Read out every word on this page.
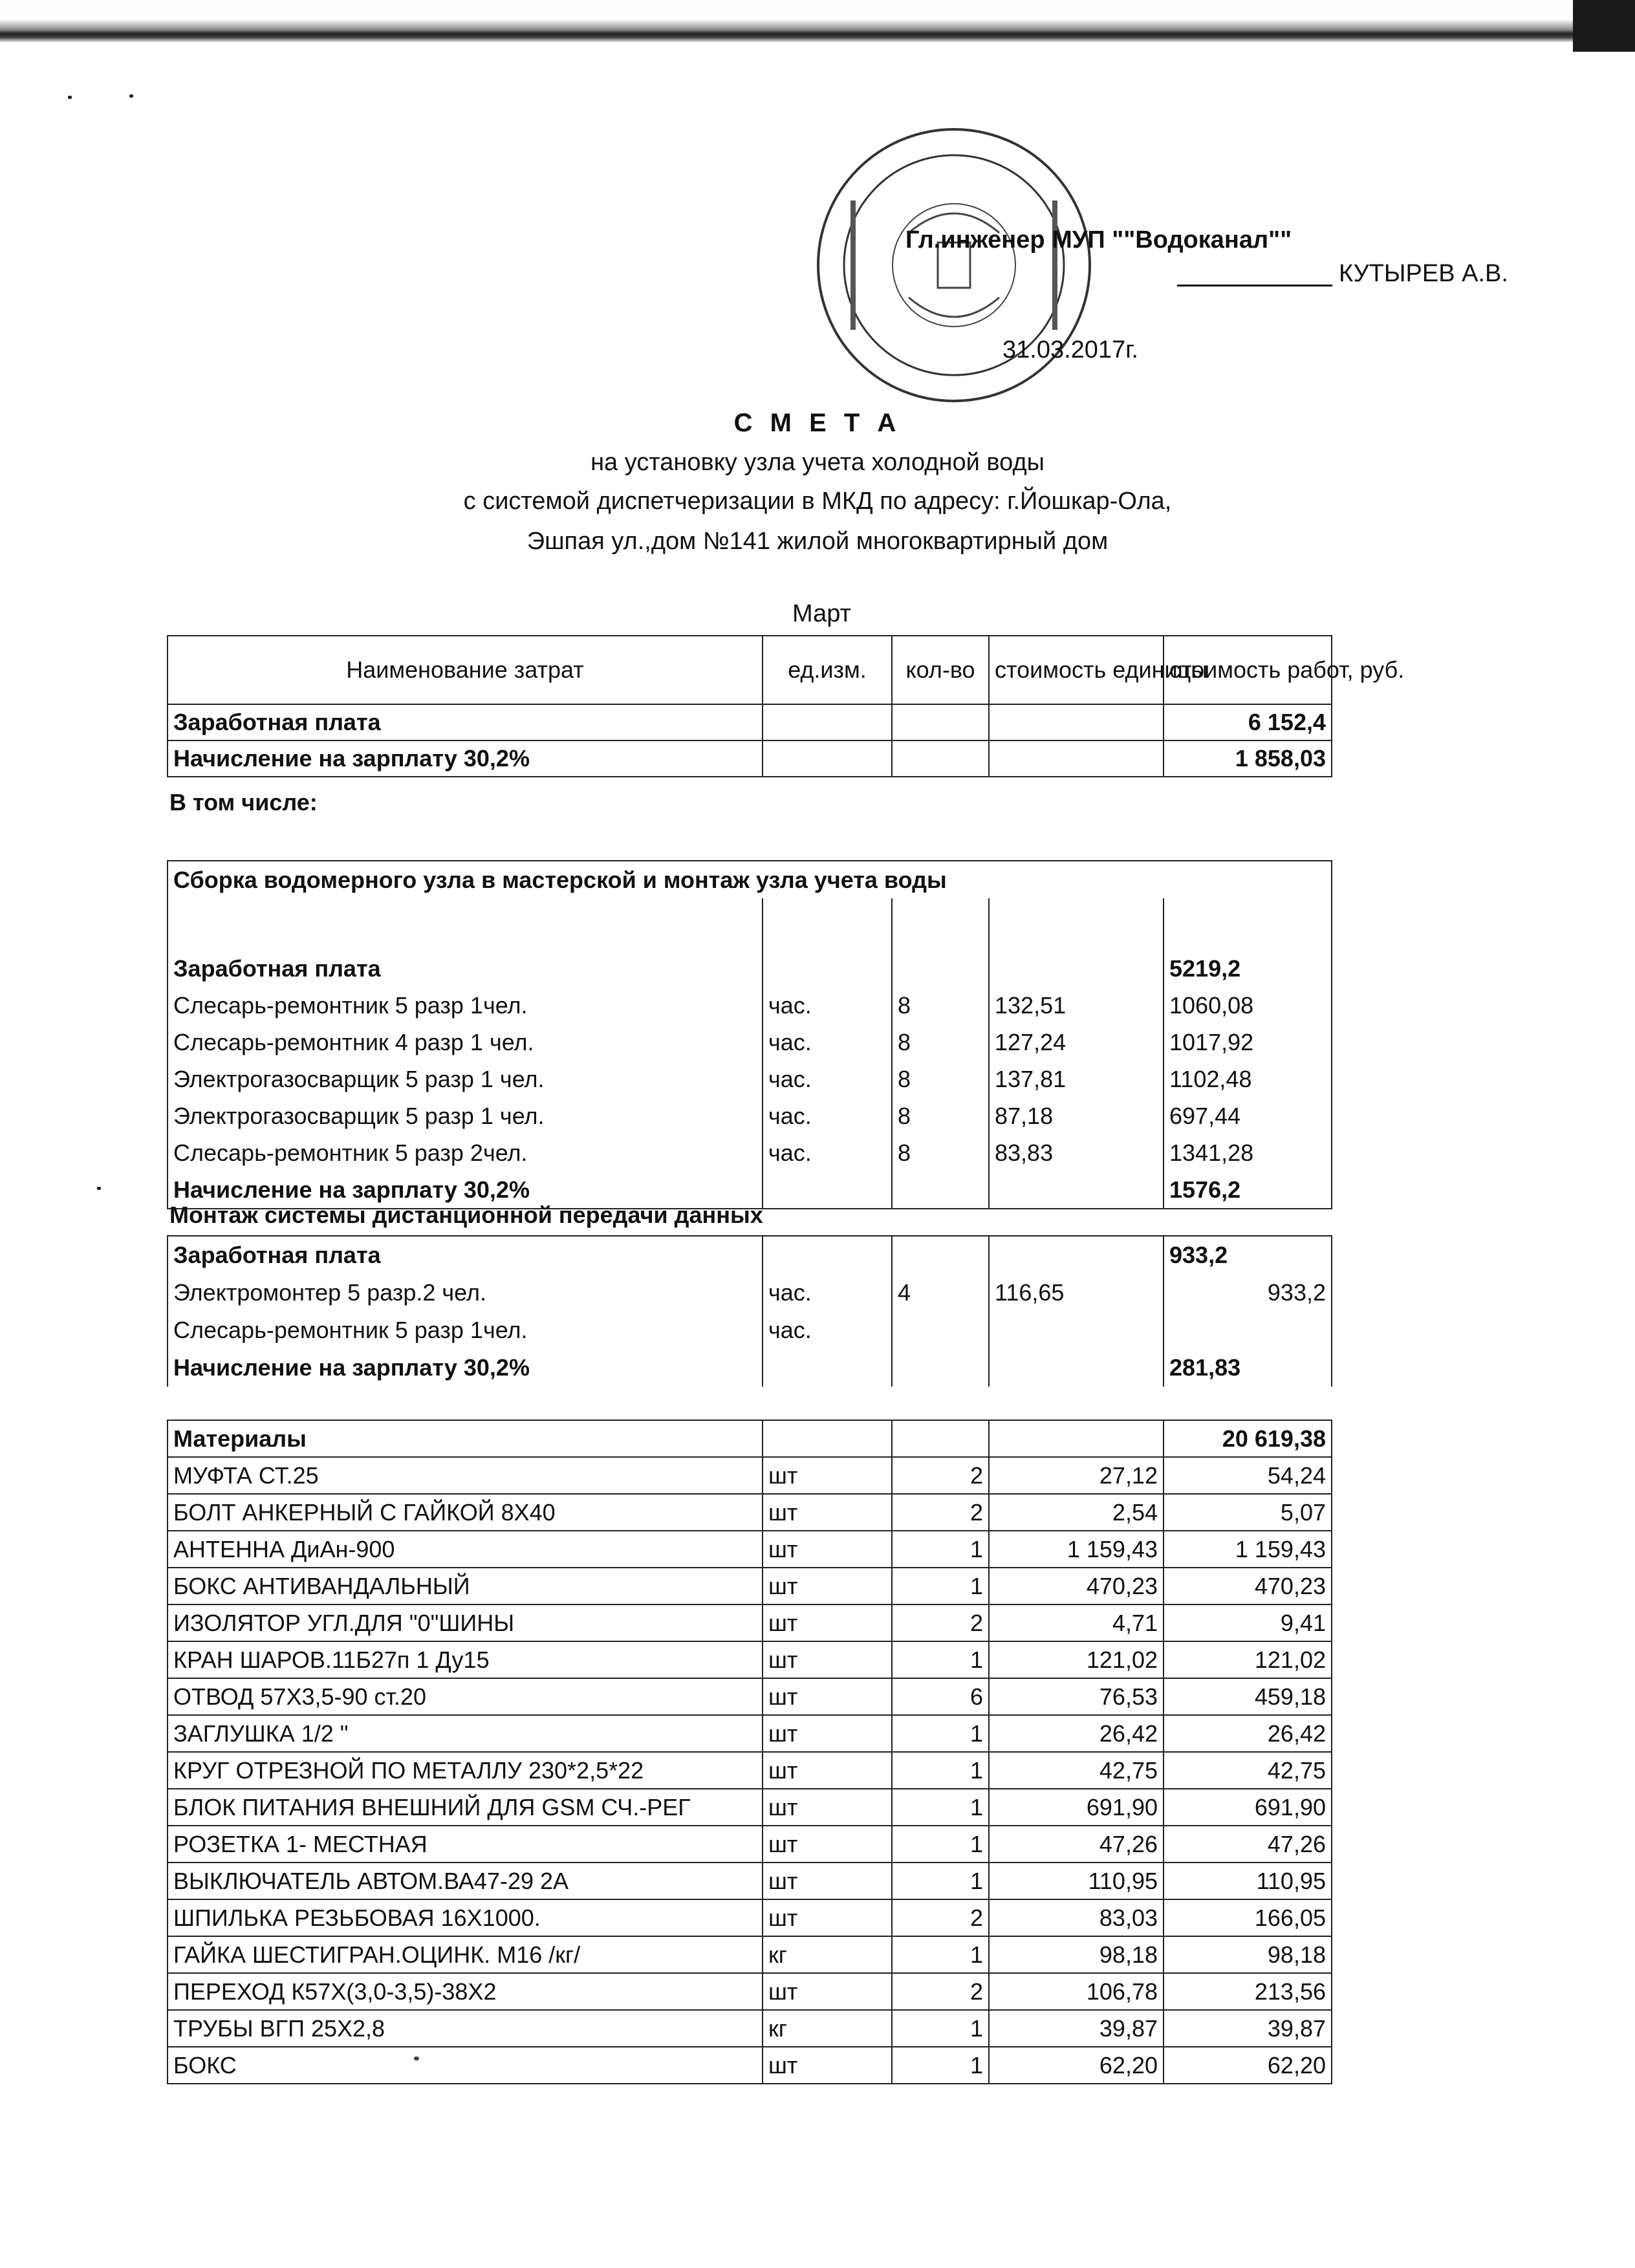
Гл.инженер МУП ""Водоканал""
КУТЫРЕВ А.В.
31.03.2017г.
С М Е Т А
на установку узла учета холодной воды
с системой диспетчеризации в МКД по адресу: г.Йошкар-Ола,
Эшпая ул.,дом №141 жилой многоквартирный дом
Март
Наименование затрат	ед.изм.	кол-во	стоимость единицы	стоимость работ, руб.
Заработная плата				6 152,4
Начисление на зарплату 30,2%				1 858,03
В том числе:
Сборка водомерного узла в мастерской и монтаж узла учета воды				

Заработная плата				5219,2
Слесарь-ремонтник 5 разр 1чел.	час.	8	132,51	1060,08
Слесарь-ремонтник 4 разр 1 чел.	час.	8	127,24	1017,92
Электрогазосварщик 5 разр 1 чел.	час.	8	137,81	1102,48
Электрогазосварщик 5 разр 1 чел.	час.	8	87,18	697,44
Слесарь-ремонтник 5 разр 2чел.	час.	8	83,83	1341,28
Начисление на зарплату 30,2%				1576,2
Монтаж системы дистанционной передачи данных
Заработная плата				933,2
Электромонтер 5 разр.2 чел.	час.	4	116,65	933,2
Слесарь-ремонтник 5 разр 1чел.	час.			
Начисление на зарплату 30,2%				281,83
Материалы				20 619,38
МУФТА СТ.25	шт	2	27,12	54,24
БОЛТ АНКЕРНЫЙ С ГАЙКОЙ 8Х40	шт	2	2,54	5,07
АНТЕННА ДиАн-900	шт	1	1 159,43	1 159,43
БОКС АНТИВАНДАЛЬНЫЙ	шт	1	470,23	470,23
ИЗОЛЯТОР УГЛ.ДЛЯ "0"ШИНЫ	шт	2	4,71	9,41
КРАН ШАРОВ.11Б27п 1 Ду15	шт	1	121,02	121,02
ОТВОД 57Х3,5-90 ст.20	шт	6	76,53	459,18
ЗАГЛУШКА 1/2 "	шт	1	26,42	26,42
КРУГ ОТРЕЗНОЙ ПО МЕТАЛЛУ 230*2,5*22	шт	1	42,75	42,75
БЛОК ПИТАНИЯ ВНЕШНИЙ ДЛЯ GSM СЧ.-РЕГ	шт	1	691,90	691,90
РОЗЕТКА 1- МЕСТНАЯ	шт	1	47,26	47,26
ВЫКЛЮЧАТЕЛЬ АВТОМ.ВА47-29 2А	шт	1	110,95	110,95
ШПИЛЬКА РЕЗЬБОВАЯ 16Х1000.	шт	2	83,03	166,05
ГАЙКА ШЕСТИГРАН.ОЦИНК. М16 /кг/	кг	1	98,18	98,18
ПЕРЕХОД К57Х(3,0-3,5)-38Х2	шт	2	106,78	213,56
ТРУБЫ ВГП 25Х2,8	кг	1	39,87	39,87
БОКС	шт	1	62,20	62,20
